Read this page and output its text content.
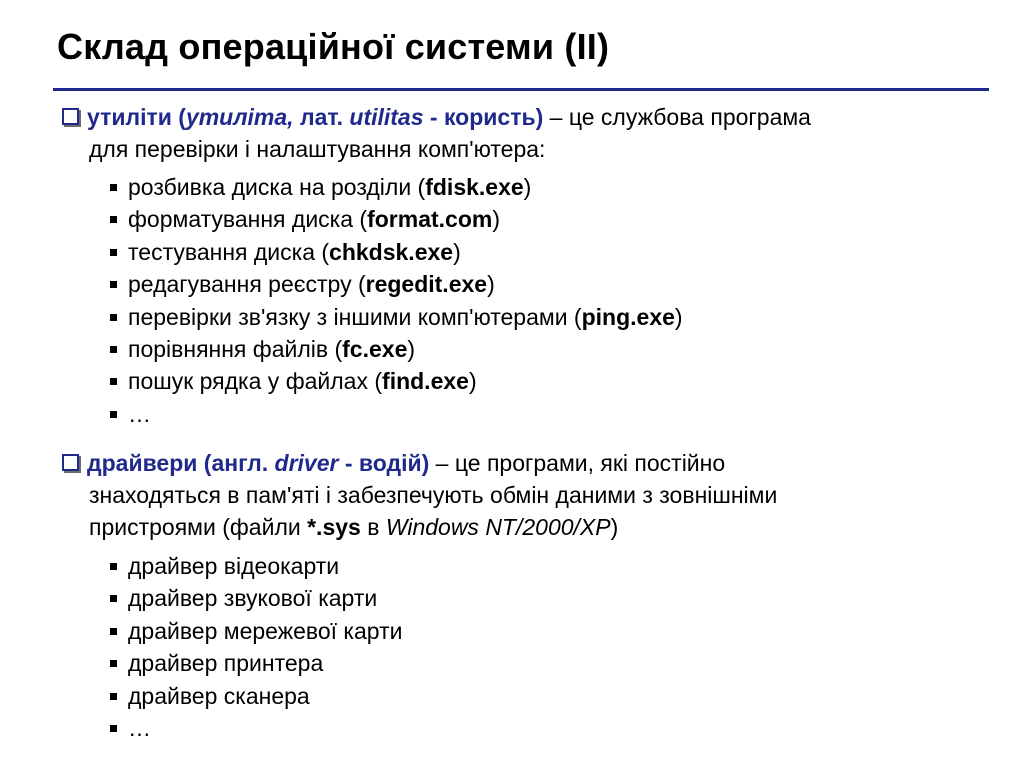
Склад операційної системи (II)
утиліти (утиліта, лат. utilitas - користь) – це службова програма
для перевірки і налаштування комп'ютера:
розбивка диска на розділи (fdisk.exe)
форматування диска (format.com)
тестування диска (chkdsk.exe)
редагування реєстру (regedit.exe)
перевірки зв'язку з іншими комп'ютерами (ping.exe)
порівняння файлів (fc.exe)
пошук рядка у файлах (find.exe)
…
драйвери (англ. driver - водій) – це програми, які постійно
знаходяться в пам'яті і забезпечують обмін даними з зовнішніми
пристроями (файли *.sys в Windows NT/2000/XP)
драйвер відеокарти
драйвер звукової карти
драйвер мережевої карти
драйвер принтера
драйвер сканера
…
